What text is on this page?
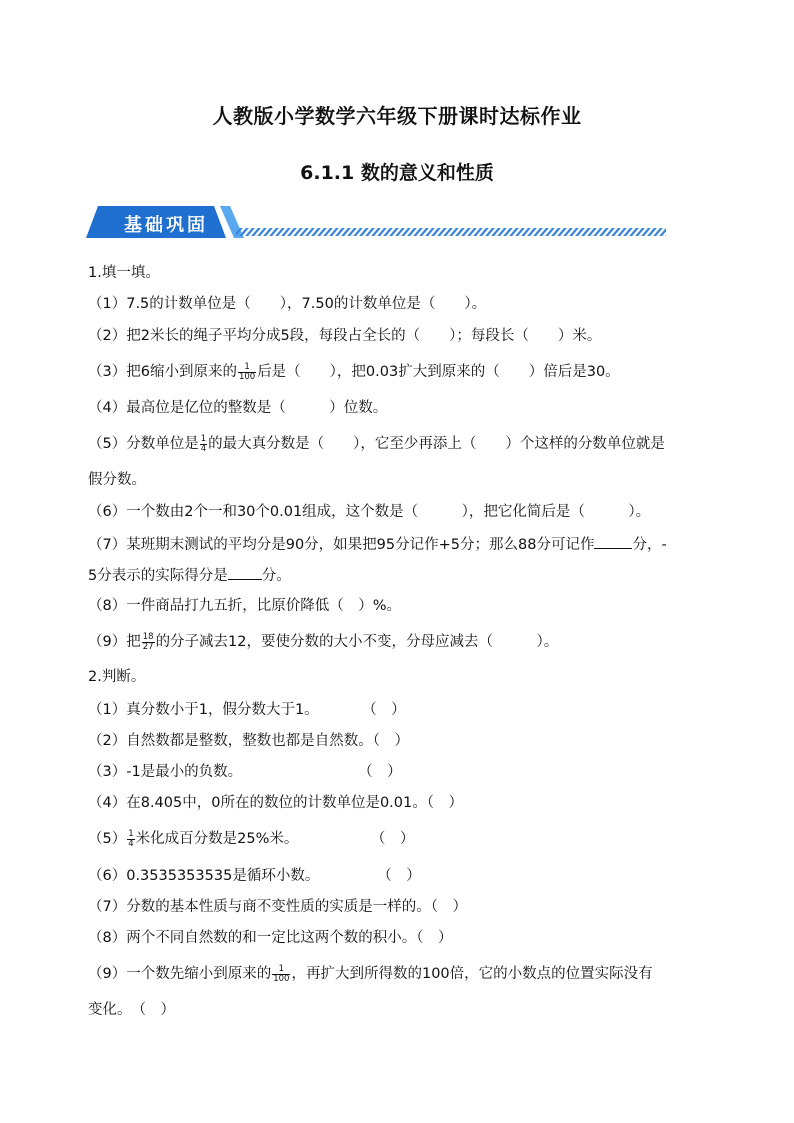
人教版小学数学六年级下册课时达标作业
6.1.1 数的意义和性质
基础巩固
1.填一填。
（1）7.5的计数单位是（　　），7.50的计数单位是（　　）。
（2）把2米长的绳子平均分成5段，每段占全长的（　　）；每段长（　　）米。
（3）把6缩小到原来的 $\frac{1}{100}$ 后是（　　），把0.03扩大到原来的（　　）倍后是30。
（4）最高位是亿位的整数是（　　　）位数。
（5）分数单位是 $\frac{1}{4}$ 的最大真分数是（　　），它至少再添上（　　）个这样的分数单位就是
假分数。
（6）一个数由2个一和30个0.01组成，这个数是（　　　），把它化简后是（　　　）。
（7）某班期末测试的平均分是90分，如果把95分记作+5分；那么88分可记作	分，-
5分表示的实际得分是 分。
（8）一件商品打九五折，比原价降低（　）%。
（9）把 $\frac{18}{27}$ 的分子减去12，要使分数的大小不变，分母应减去（　　　）。
2.判断。
（1）真分数小于1，假分数大于1。　　　　（　）
（2）自然数都是整数，整数也都是自然数。（　）
（3）-1是最小的负数。　　　　　　　　　（　）
（4）在8.405中，0所在的数位的计数单位是0.01。（　）
$(5) \frac{1}{4}$ 米化成百分数是25%米。　　　　　　（　）
（6）0.3535353535是循环小数。　　　　　（　）
（7）分数的基本性质与商不变性质的实质是一样的。（　）
（8）两个不同自然数的和一定比这两个数的积小。（　）
（9）一个数先缩小到原来的 $\frac{1}{100}$ ，再扩大到所得数的100倍，它的小数点的位置实际没有
变化。　（　）
